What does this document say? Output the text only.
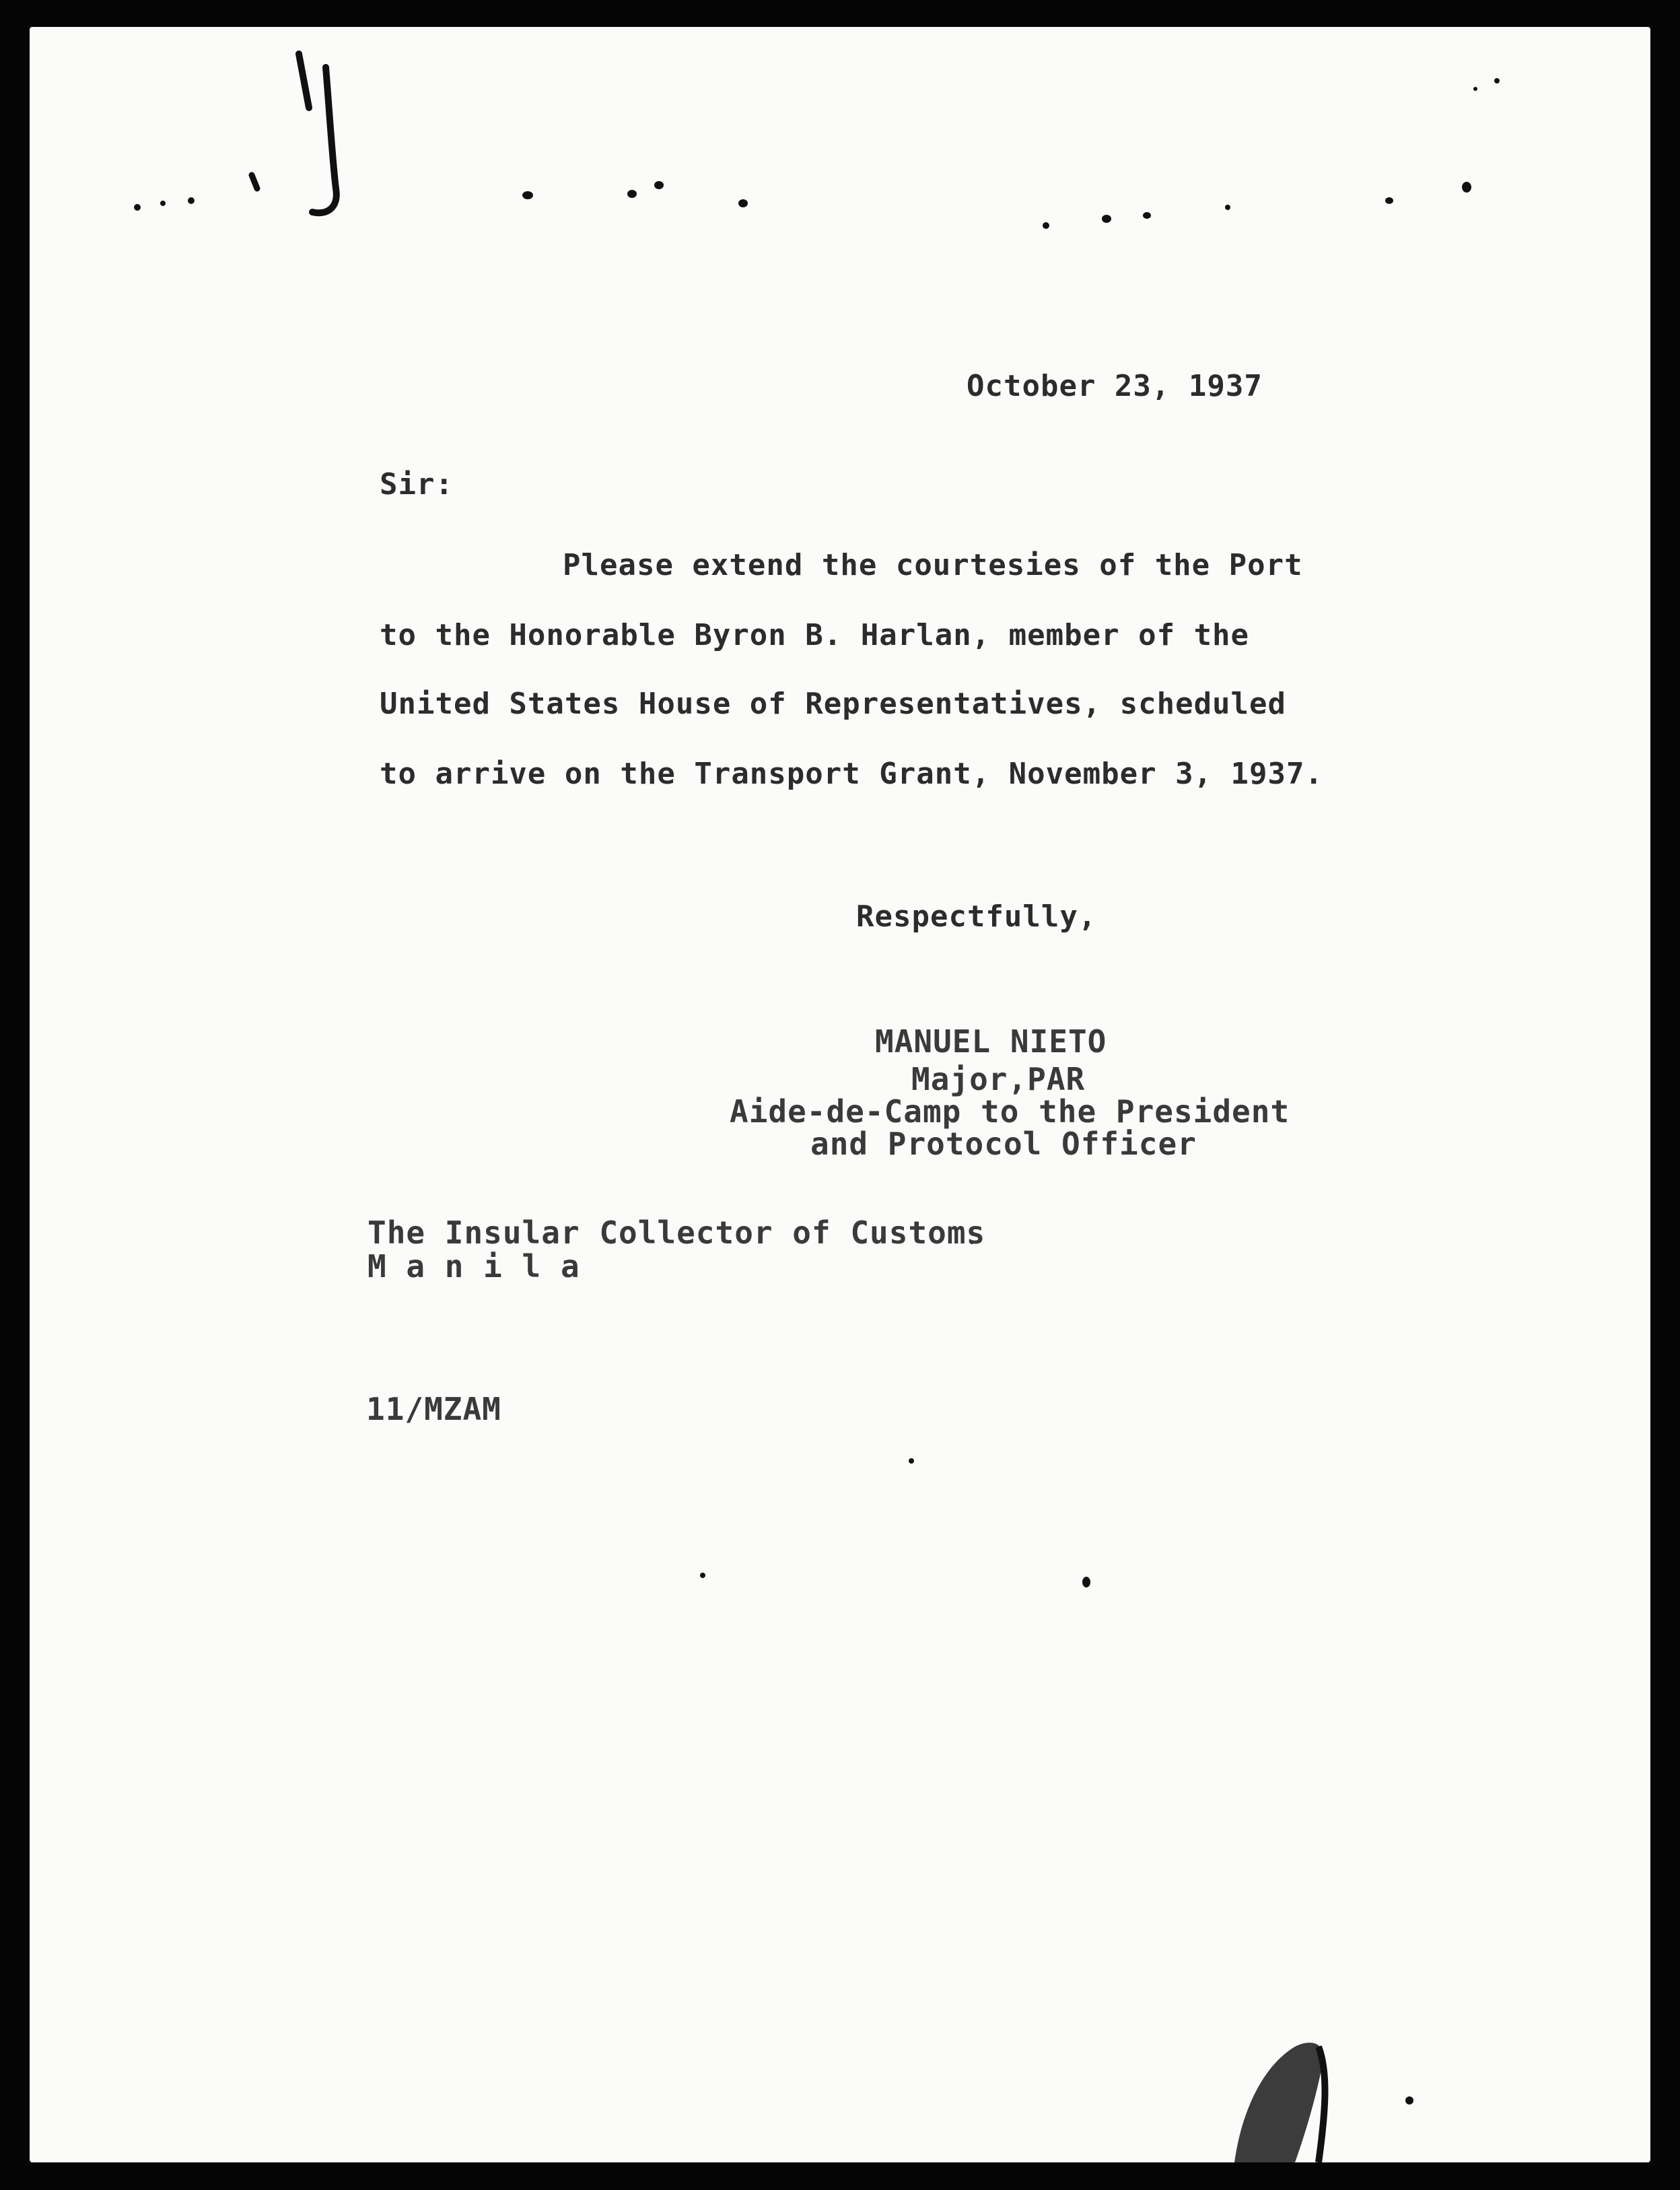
October 23, 1937
Sir:
Please extend the courtesies of the Port
to the Honorable Byron B. Harlan, member of the
United States House of Representatives, scheduled
to arrive on the Transport Grant, November 3, 1937.
Respectfully,
MANUEL NIETO
Major,PAR
Aide-de-Camp to the President
and Protocol Officer
The Insular Collector of Customs
M a n i l a
11/MZAM
